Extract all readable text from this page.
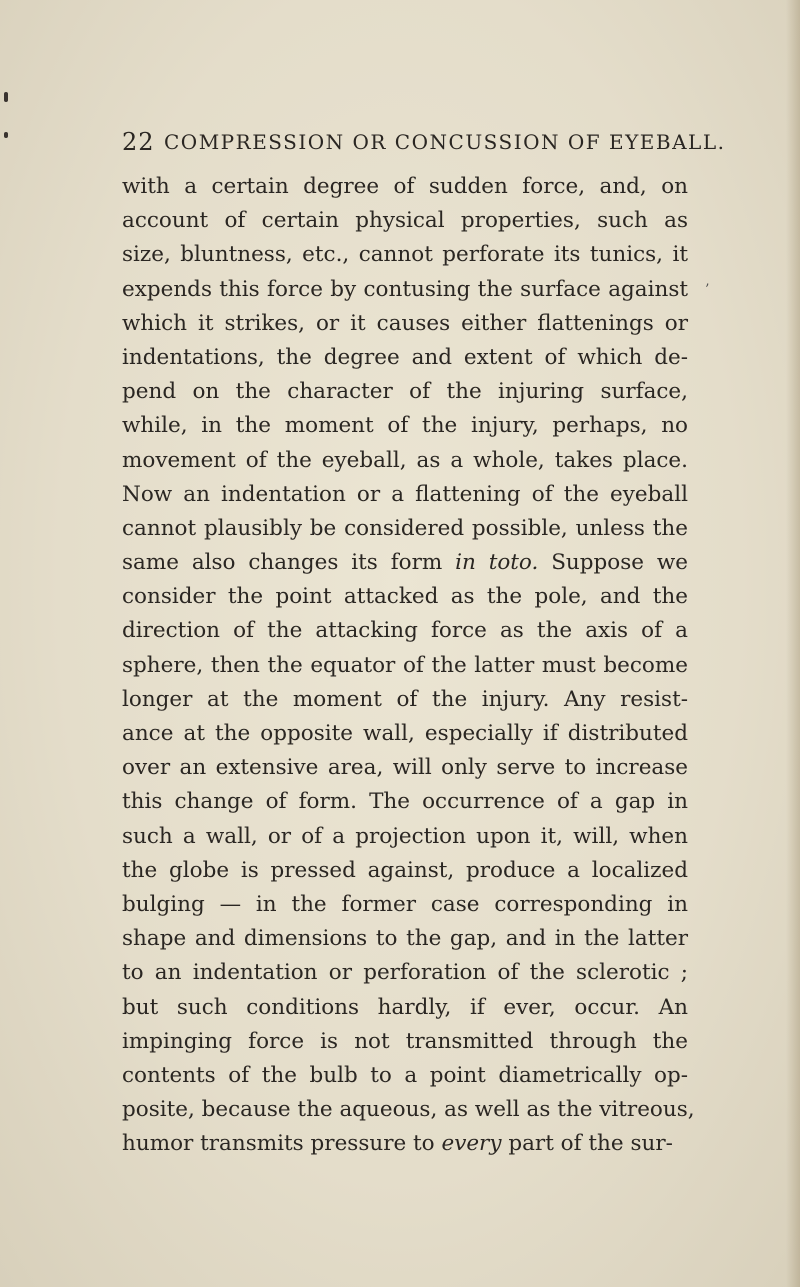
22 COMPRESSION OR CONCUSSION OF EYEBALL.
’
with a certain degree of sudden force, and, on
account of certain physical properties, such as
size, bluntness, etc., cannot perforate its tunics, it
expends this force by contusing the surface against
which it strikes, or it causes either flattenings or
indentations, the degree and extent of which de-
pend on the character of the injuring surface,
while, in the moment of the injury, perhaps, no
movement of the eyeball, as a whole, takes place.
Now an indentation or a flattening of the eyeball
cannot plausibly be considered possible, unless the
same also changes its form in toto. Suppose we
consider the point attacked as the pole, and the
direction of the attacking force as the axis of a
sphere, then the equator of the latter must become
longer at the moment of the injury. Any resist-
ance at the opposite wall, especially if distributed
over an extensive area, will only serve to increase
this change of form. The occurrence of a gap in
such a wall, or of a projection upon it, will, when
the globe is pressed against, produce a localized
bulging — in the former case corresponding in
shape and dimensions to the gap, and in the latter
to an indentation or perforation of the sclerotic ;
but such conditions hardly, if ever, occur. An
impinging force is not transmitted through the
contents of the bulb to a point diametrically op-
posite, because the aqueous, as well as the vitreous,
humor transmits pressure to every part of the sur-
